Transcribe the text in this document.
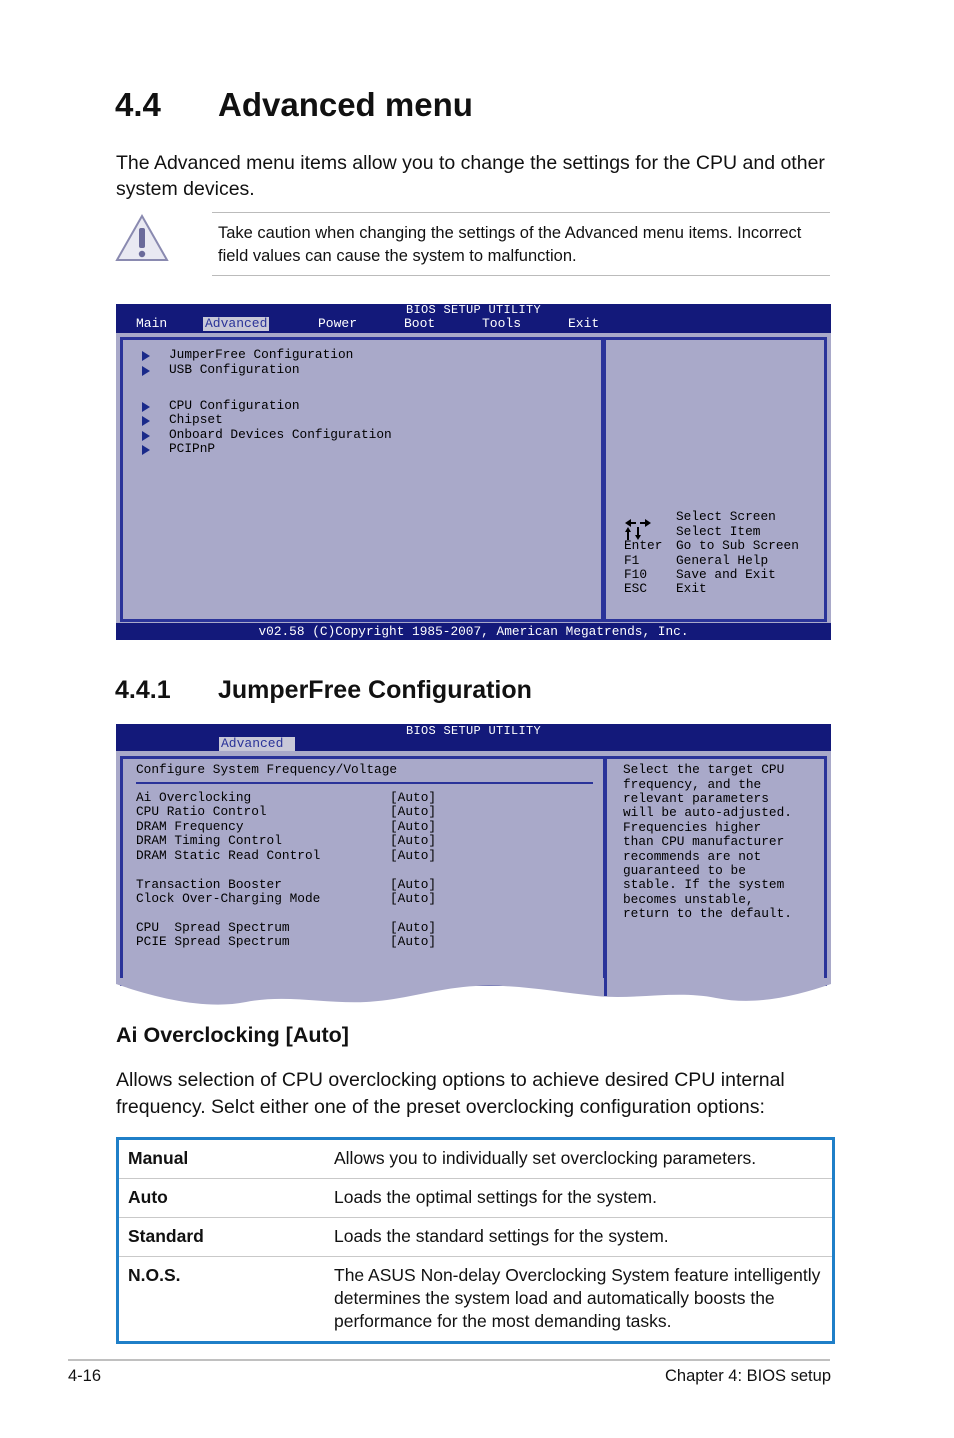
4.4 Advanced menu
The Advanced menu items allow you to change the settings for the CPU and other system devices.
Take caution when changing the settings of the Advanced menu items. Incorrect field values can cause the system to malfunction.
BIOS SETUP UTILITY
Main	Advanced	Power	Boot	Tools	Exit
JumperFree Configuration
USB Configuration
CPU Configuration
Chipset
Onboard Devices Configuration
PCIPnP
Select Screen
Select Item
Enter Go to Sub Screen
F1	General Help
F10 Save and Exit
ESC Exit
v02.58 (C)Copyright 1985-2007, American Megatrends, Inc.
4.4.1 JumperFree Configuration
BIOS SETUP UTILITY
Advanced
Configure System Frequency/Voltage
Ai Overclocking	[Auto]
CPU Ratio Control	[Auto]
DRAM Frequency	[Auto]
DRAM Timing Control	[Auto]
DRAM Static Read Control	[Auto]
Transaction Booster	[Auto]
Clock Over-Charging Mode	[Auto]
CPU  Spread Spectrum	[Auto]
PCIE Spread Spectrum	[Auto]
Select the target CPU
frequency, and the
relevant parameters
will be auto-adjusted.
Frequencies higher
than CPU manufacturer
recommends are not
guaranteed to be
stable. If the system
becomes unstable,
return to the default.
Ai Overclocking [Auto]
Allows selection of CPU overclocking options to achieve desired CPU internal frequency. Selct either one of the preset overclocking configuration options:
Manual	Allows you to individually set overclocking parameters.
Auto	Loads the optimal settings for the system.
Standard	Loads the standard settings for the system.
N.O.S.	The ASUS Non-delay Overclocking System feature intelligently determines the system load and automatically boosts the performance for the most demanding tasks.
4-16	Chapter 4: BIOS setup
